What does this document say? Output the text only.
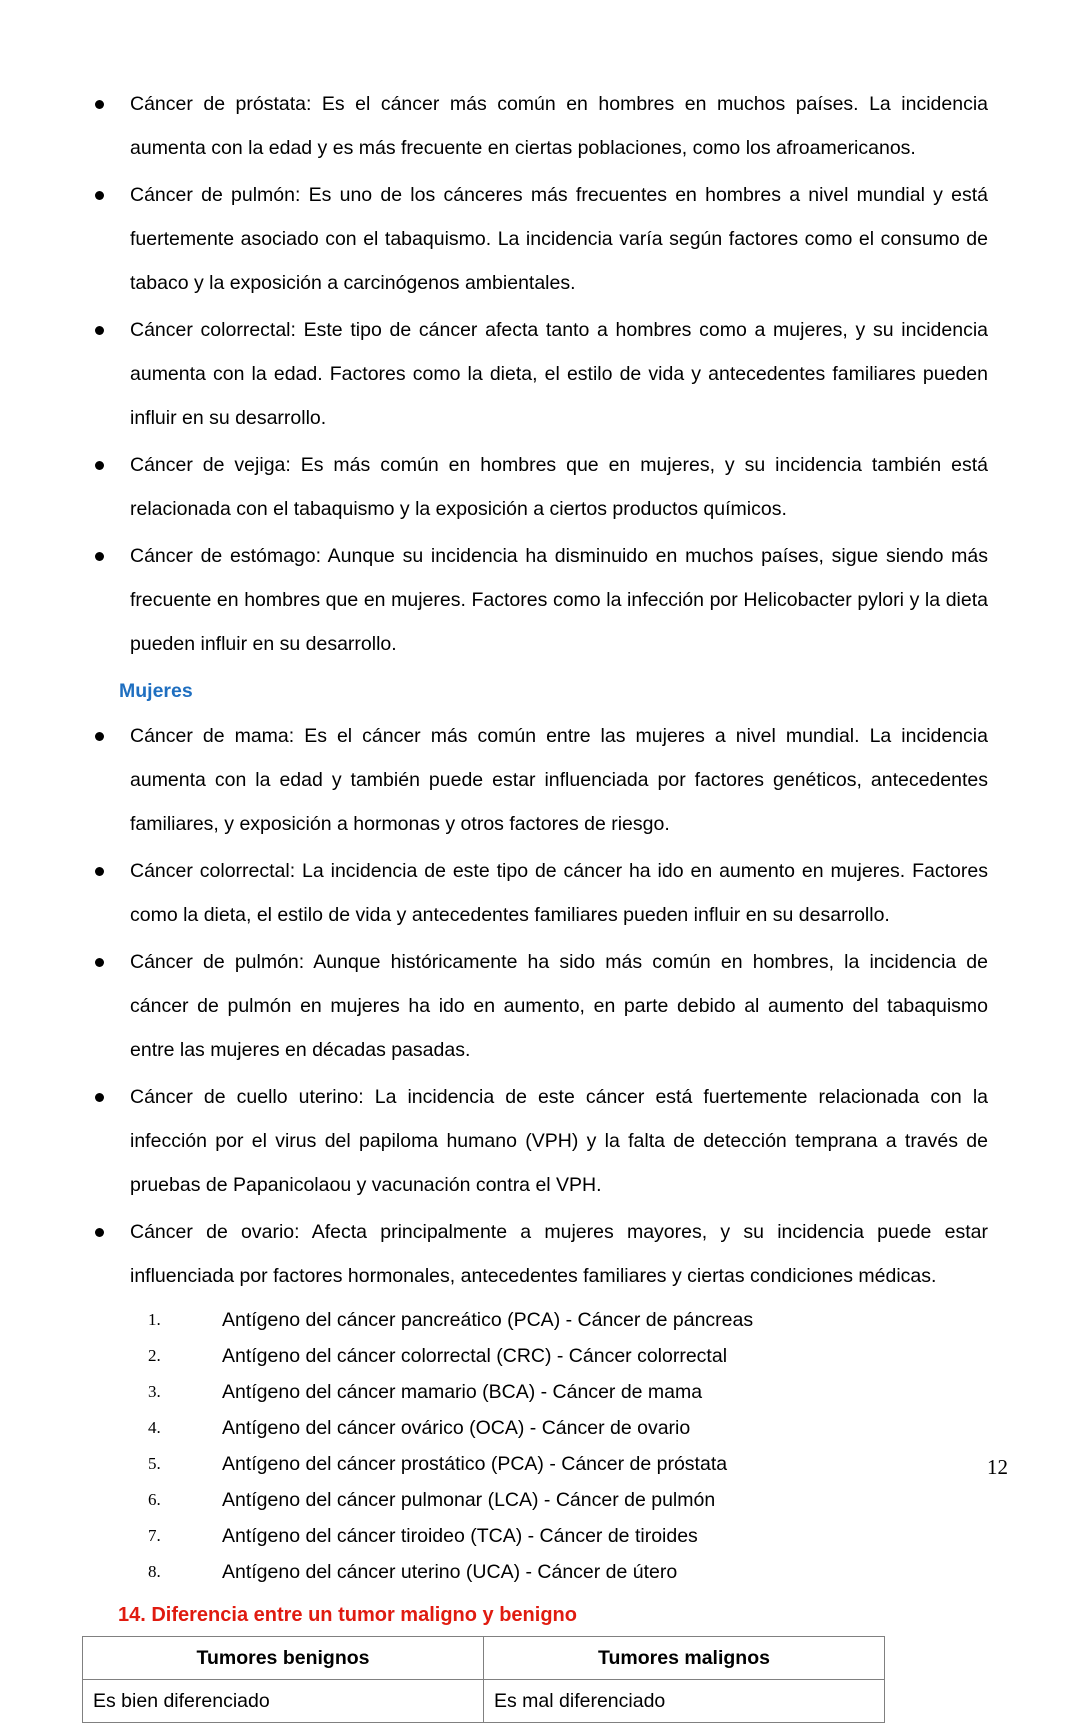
Cáncer de próstata: Es el cáncer más común en hombres en muchos países. La incidencia aumenta con la edad y es más frecuente en ciertas poblaciones, como los afroamericanos.
Cáncer de pulmón: Es uno de los cánceres más frecuentes en hombres a nivel mundial y está fuertemente asociado con el tabaquismo. La incidencia varía según factores como el consumo de tabaco y la exposición a carcinógenos ambientales.
Cáncer colorrectal: Este tipo de cáncer afecta tanto a hombres como a mujeres, y su incidencia aumenta con la edad. Factores como la dieta, el estilo de vida y antecedentes familiares pueden influir en su desarrollo.
Cáncer de vejiga: Es más común en hombres que en mujeres, y su incidencia también está relacionada con el tabaquismo y la exposición a ciertos productos químicos.
Cáncer de estómago: Aunque su incidencia ha disminuido en muchos países, sigue siendo más frecuente en hombres que en mujeres. Factores como la infección por Helicobacter pylori y la dieta pueden influir en su desarrollo.
Mujeres
Cáncer de mama: Es el cáncer más común entre las mujeres a nivel mundial. La incidencia aumenta con la edad y también puede estar influenciada por factores genéticos, antecedentes familiares, y exposición a hormonas y otros factores de riesgo.
Cáncer colorrectal: La incidencia de este tipo de cáncer ha ido en aumento en mujeres. Factores como la dieta, el estilo de vida y antecedentes familiares pueden influir en su desarrollo.
Cáncer de pulmón: Aunque históricamente ha sido más común en hombres, la incidencia de cáncer de pulmón en mujeres ha ido en aumento, en parte debido al aumento del tabaquismo entre las mujeres en décadas pasadas.
Cáncer de cuello uterino: La incidencia de este cáncer está fuertemente relacionada con la infección por el virus del papiloma humano (VPH) y la falta de detección temprana a través de pruebas de Papanicolaou y vacunación contra el VPH.
Cáncer de ovario: Afecta principalmente a mujeres mayores, y su incidencia puede estar influenciada por factores hormonales, antecedentes familiares y ciertas condiciones médicas.
1.	Antígeno del cáncer pancreático (PCA) - Cáncer de páncreas
2.	Antígeno del cáncer colorrectal (CRC) - Cáncer colorrectal
3.	Antígeno del cáncer mamario (BCA) - Cáncer de mama
4.	Antígeno del cáncer ovárico (OCA) - Cáncer de ovario
5.	Antígeno del cáncer prostático (PCA) - Cáncer de próstata
6.	Antígeno del cáncer pulmonar (LCA) - Cáncer de pulmón
7.	Antígeno del cáncer tiroideo (TCA) - Cáncer de tiroides
8.	Antígeno del cáncer uterino (UCA) - Cáncer de útero
14. Diferencia entre un tumor maligno y benigno
Tumores benignos	Tumores malignos
Es bien diferenciado	Es mal diferenciado
12
